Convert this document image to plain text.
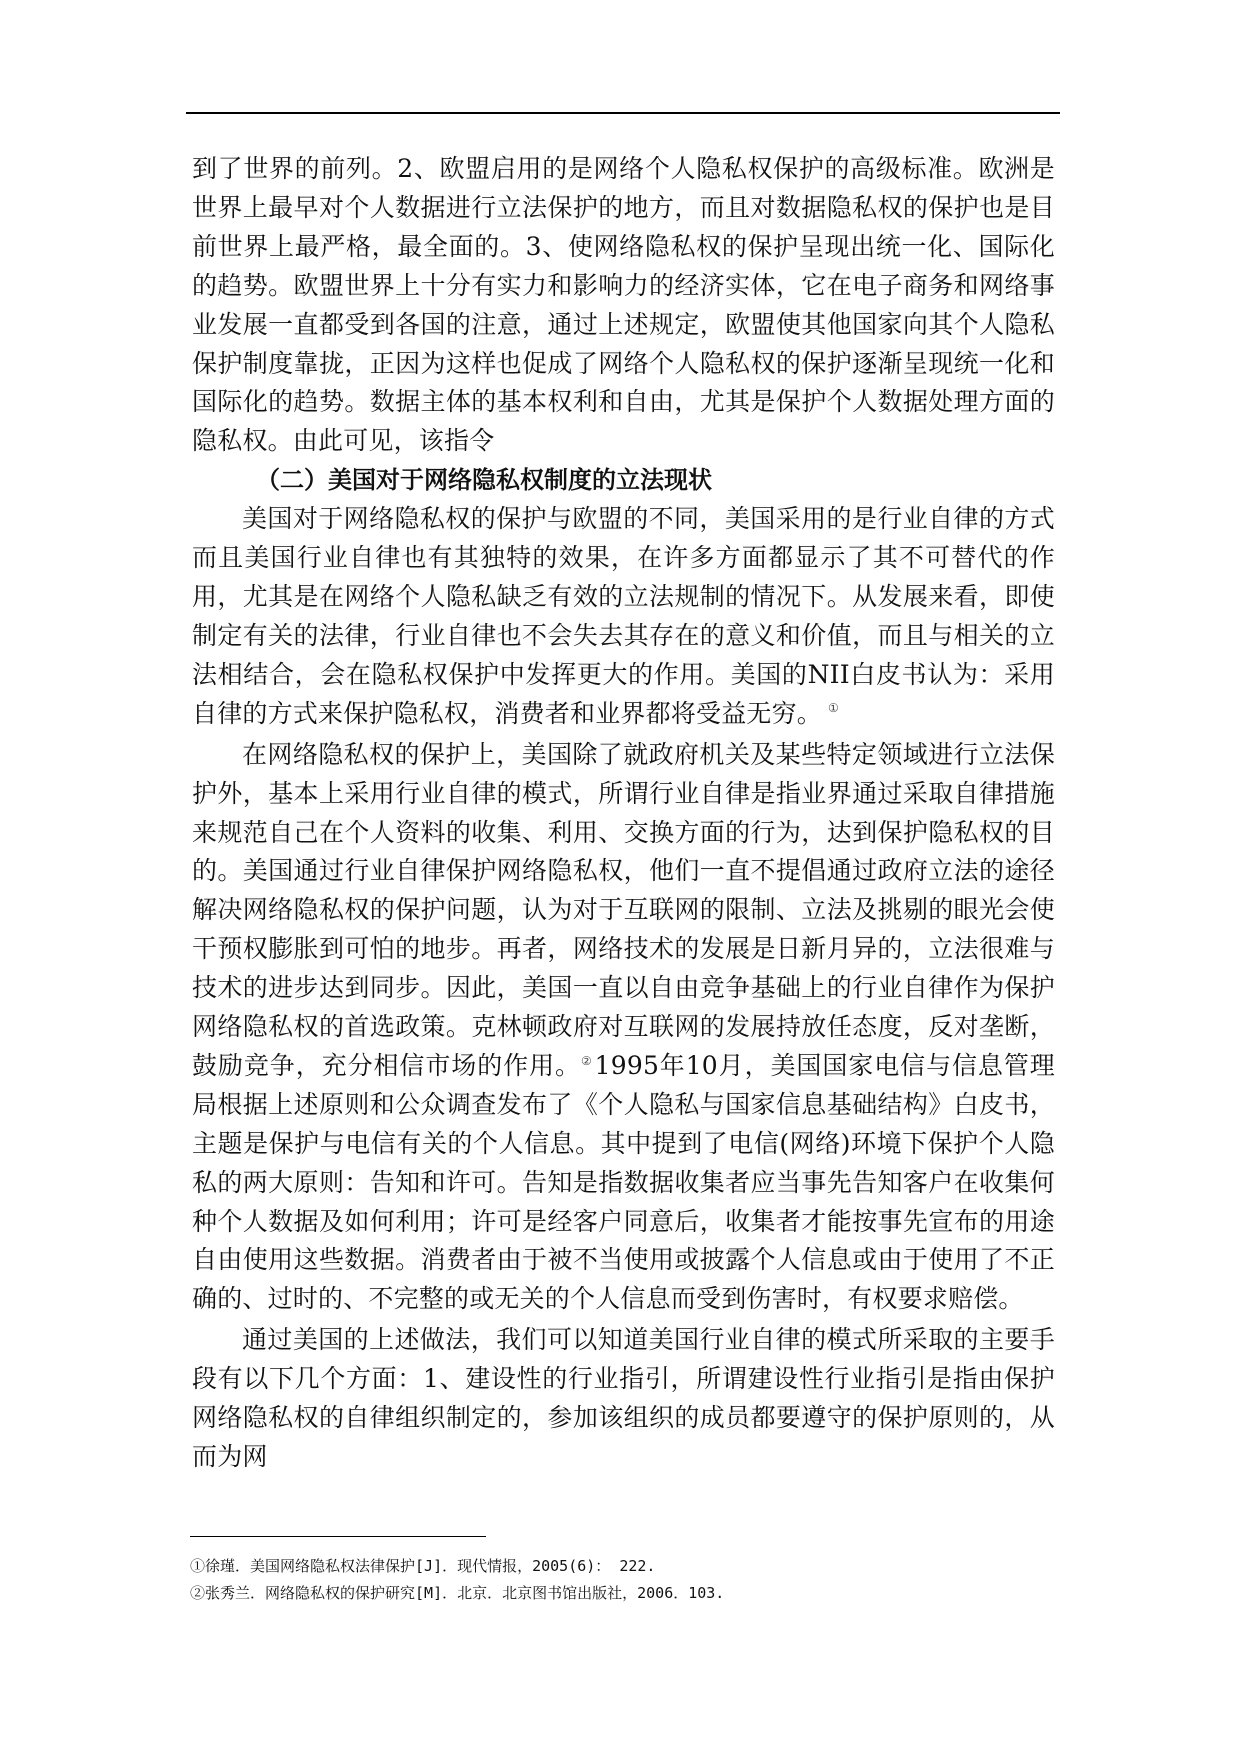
到了世界的前列。2、欧盟启用的是网络个人隐私权保护的高级标准。欧洲是世界上最早对个人数据进行立法保护的地方，而且对数据隐私权的保护也是目前世界上最严格，最全面的。3、使网络隐私权的保护呈现出统一化、国际化的趋势。欧盟世界上十分有实力和影响力的经济实体，它在电子商务和网络事业发展一直都受到各国的注意，通过上述规定，欧盟使其他国家向其个人隐私保护制度靠拢，正因为这样也促成了网络个人隐私权的保护逐渐呈现统一化和国际化的趋势。数据主体的基本权利和自由，尤其是保护个人数据处理方面的隐私权。由此可见，该指令

（二）美国对于网络隐私权制度的立法现状

美国对于网络隐私权的保护与欧盟的不同，美国采用的是行业自律的方式而且美国行业自律也有其独特的效果，在许多方面都显示了其不可替代的作用，尤其是在网络个人隐私缺乏有效的立法规制的情况下。从发展来看，即使制定有关的法律，行业自律也不会失去其存在的意义和价值，而且与相关的立法相结合，会在隐私权保护中发挥更大的作用。美国的NII白皮书认为：采用自律的方式来保护隐私权，消费者和业界都将受益无穷。 ①

在网络隐私权的保护上，美国除了就政府机关及某些特定领域进行立法保护外，基本上采用行业自律的模式，所谓行业自律是指业界通过采取自律措施来规范自己在个人资料的收集、利用、交换方面的行为，达到保护隐私权的目的。美国通过行业自律保护网络隐私权，他们一直不提倡通过政府立法的途径解决网络隐私权的保护问题，认为对于互联网的限制、立法及挑剔的眼光会使干预权膨胀到可怕的地步。再者，网络技术的发展是日新月异的，立法很难与技术的进步达到同步。因此，美国一直以自由竞争基础上的行业自律作为保护网络隐私权的首选政策。克林顿政府对互联网的发展持放任态度，反对垄断，鼓励竞争，充分相信市场的作用。②1995年10月，美国国家电信与信息管理局根据上述原则和公众调查发布了《个人隐私与国家信息基础结构》白皮书，主题是保护与电信有关的个人信息。其中提到了电信(网络)环境下保护个人隐私的两大原则：告知和许可。告知是指数据收集者应当事先告知客户在收集何种个人数据及如何利用；许可是经客户同意后，收集者才能按事先宣布的用途自由使用这些数据。消费者由于被不当使用或披露个人信息或由于使用了不正确的、过时的、不完整的或无关的个人信息而受到伤害时，有权要求赔偿。

通过美国的上述做法，我们可以知道美国行业自律的模式所采取的主要手段有以下几个方面：1、建设性的行业指引，所谓建设性行业指引是指由保护网络隐私权的自律组织制定的，参加该组织的成员都要遵守的保护原则的，从而为网

①徐瑾．美国网络隐私权法律保护[J]．现代情报，2005(6)： 222.

②张秀兰．网络隐私权的保护研究[M]．北京．北京图书馆出版社，2006．103.
